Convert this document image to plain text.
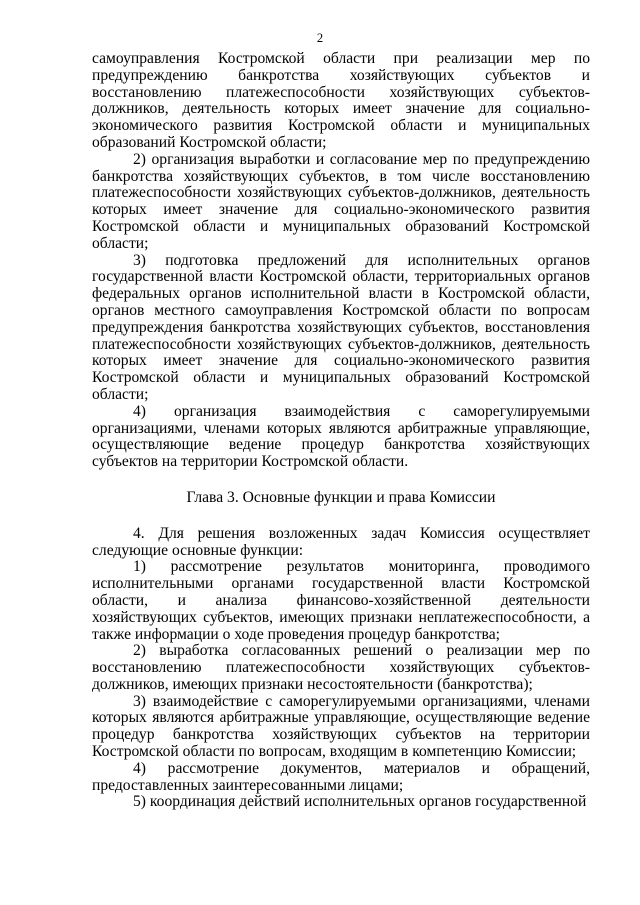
2

самоуправления Костромской области при реализации мер по предупреждению банкротства хозяйствующих субъектов и восстановлению платежеспособности хозяйствующих субъектов-должников, деятельность которых имеет значение для социально-экономического развития Костромской области и муниципальных образований Костромской области;

2) организация выработки и согласование мер по предупреждению банкротства хозяйствующих субъектов, в том числе восстановлению платежеспособности хозяйствующих субъектов-должников, деятельность которых имеет значение для социально-экономического развития Костромской области и муниципальных образований Костромской области;

3) подготовка предложений для исполнительных органов государственной власти Костромской области, территориальных органов федеральных органов исполнительной власти в Костромской области, органов местного самоуправления Костромской области по вопросам предупреждения банкротства хозяйствующих субъектов, восстановления платежеспособности хозяйствующих субъектов-должников, деятельность которых имеет значение для социально-экономического развития Костромской области и муниципальных образований Костромской области;

4) организация взаимодействия с саморегулируемыми организациями, членами которых являются арбитражные управляющие, осуществляющие ведение процедур банкротства хозяйствующих субъектов на территории Костромской области.

Глава 3. Основные функции и права Комиссии

4. Для решения возложенных задач Комиссия осуществляет следующие основные функции:

1) рассмотрение результатов мониторинга, проводимого исполнительными органами государственной власти Костромской области, и анализа финансово-хозяйственной деятельности хозяйствующих субъектов, имеющих признаки неплатежеспособности, а также информации о ходе проведения процедур банкротства;

2) выработка согласованных решений о реализации мер по восстановлению платежеспособности хозяйствующих субъектов-должников, имеющих признаки несостоятельности (банкротства);

3) взаимодействие с саморегулируемыми организациями, членами которых являются арбитражные управляющие, осуществляющие ведение процедур банкротства хозяйствующих субъектов на территории Костромской области по вопросам, входящим в компетенцию Комиссии;

4) рассмотрение документов, материалов и обращений, предоставленных заинтересованными лицами;

5) координация действий исполнительных органов государственной
